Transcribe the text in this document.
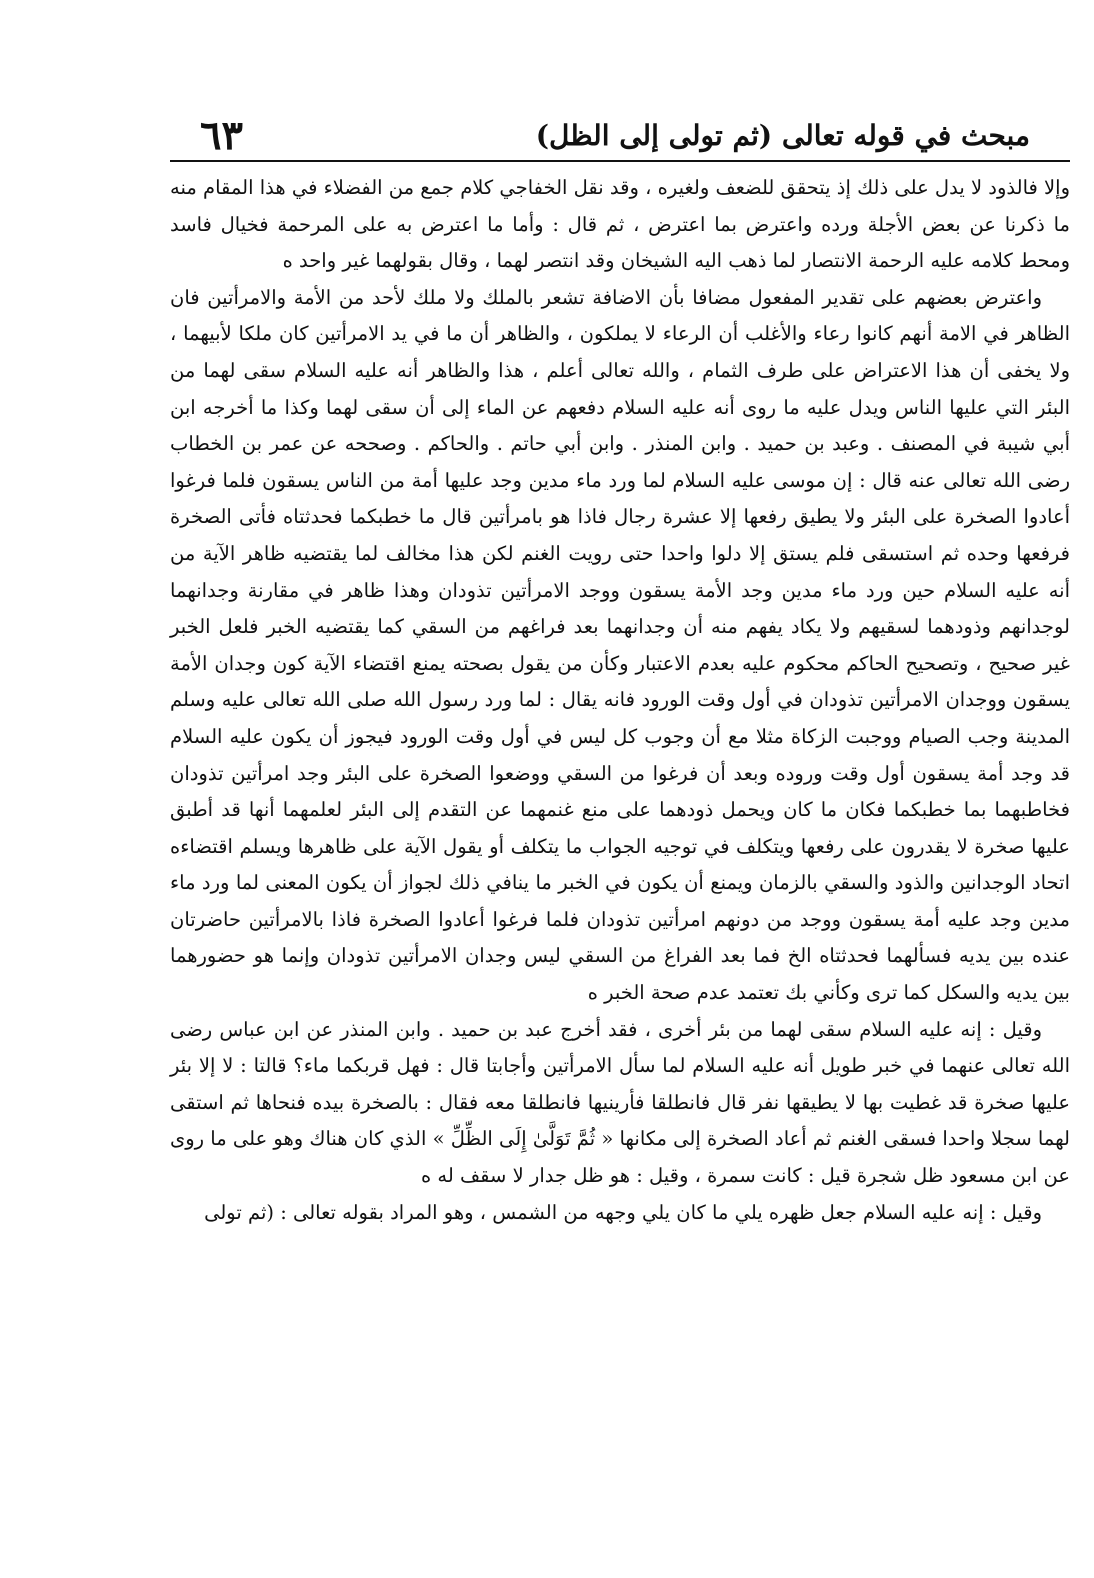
مبحث في قوله تعالى (ثم تولى إلى الظل)
٦٣

وإلا فالذود لا يدل على ذلك إذ يتحقق للضعف ولغيره ، وقد نقل الخفاجي كلام جمع من الفضلاء في هذا المقام منه ما ذكرنا عن بعض الأجلة ورده واعترض بما اعترض ، ثم قال : وأما ما اعترض به على المرحمة فخيال فاسد ومحط كلامه عليه الرحمة الانتصار لما ذهب اليه الشيخان وقد انتصر لهما ، وقال بقولهما غير واحد ه

واعترض بعضهم على تقدير المفعول مضافا بأن الاضافة تشعر بالملك ولا ملك لأحد من الأمة والامرأتين فان الظاهر في الامة أنهم كانوا رعاء والأغلب أن الرعاء لا يملكون ، والظاهر أن ما في يد الامرأتين كان ملكا لأبيهما ، ولا يخفى أن هذا الاعتراض على طرف الثمام ، والله تعالى أعلم ، هذا والظاهر أنه عليه السلام سقى لهما من البئر التي عليها الناس ويدل عليه ما روى أنه عليه السلام دفعهم عن الماء إلى أن سقى لهما وكذا ما أخرجه ابن أبي شيبة في المصنف . وعبد بن حميد . وابن المنذر . وابن أبي حاتم . والحاكم . وصححه عن عمر بن الخطاب رضى الله تعالى عنه قال : إن موسى عليه السلام لما ورد ماء مدين وجد عليها أمة من الناس يسقون فلما فرغوا أعادوا الصخرة على البئر ولا يطيق رفعها إلا عشرة رجال فاذا هو بامرأتين قال ما خطبكما فحدثتاه فأتى الصخرة فرفعها وحده ثم استسقى فلم يستق إلا دلوا واحدا حتى رويت الغنم لكن هذا مخالف لما يقتضيه ظاهر الآية من أنه عليه السلام حين ورد ماء مدين وجد الأمة يسقون ووجد الامرأتين تذودان وهذا ظاهر في مقارنة وجدانهما لوجدانهم وذودهما لسقيهم ولا يكاد يفهم منه أن وجدانهما بعد فراغهم من السقي كما يقتضيه الخبر فلعل الخبر غير صحيح ، وتصحيح الحاكم محكوم عليه بعدم الاعتبار وكأن من يقول بصحته يمنع اقتضاء الآية كون وجدان الأمة يسقون ووجدان الامرأتين تذودان في أول وقت الورود فانه يقال : لما ورد رسول الله صلى الله تعالى عليه وسلم المدينة وجب الصيام ووجبت الزكاة مثلا مع أن وجوب كل ليس في أول وقت الورود فيجوز أن يكون عليه السلام قد وجد أمة يسقون أول وقت وروده وبعد أن فرغوا من السقي ووضعوا الصخرة على البئر وجد امرأتين تذودان فخاطبهما بما خطبكما فكان ما كان ويحمل ذودهما على منع غنمهما عن التقدم إلى البئر لعلمهما أنها قد أطبق عليها صخرة لا يقدرون على رفعها ويتكلف في توجيه الجواب ما يتكلف أو يقول الآية على ظاهرها ويسلم اقتضاءه اتحاد الوجدانين والذود والسقي بالزمان ويمنع أن يكون في الخبر ما ينافي ذلك لجواز أن يكون المعنى لما ورد ماء مدين وجد عليه أمة يسقون ووجد من دونهم امرأتين تذودان فلما فرغوا أعادوا الصخرة فاذا بالامرأتين حاضرتان عنده بين يديه فسألهما فحدثتاه الخ فما بعد الفراغ من السقي ليس وجدان الامرأتين تذودان وإنما هو حضورهما بين يديه والسكل كما ترى وكأني بك تعتمد عدم صحة الخبر ه

وقيل : إنه عليه السلام سقى لهما من بئر أخرى ، فقد أخرج عبد بن حميد . وابن المنذر عن ابن عباس رضى الله تعالى عنهما في خبر طويل أنه عليه السلام لما سأل الامرأتين وأجابتا قال : فهل قربكما ماء؟ قالتا : لا إلا بئر عليها صخرة قد غطيت بها لا يطيقها نفر قال فانطلقا فأرينيها فانطلقا معه فقال : بالصخرة بيده فنحاها ثم استقى لهما سجلا واحدا فسقى الغنم ثم أعاد الصخرة إلى مكانها « ثُمَّ تَوَلَّىٰ إِلَى الظِّلِّ » الذي كان هناك وهو على ما روى عن ابن مسعود ظل شجرة قيل : كانت سمرة ، وقيل : هو ظل جدار لا سقف له ه

وقيل : إنه عليه السلام جعل ظهره يلي ما كان يلي وجهه من الشمس ، وهو المراد بقوله تعالى : (ثم تولى
